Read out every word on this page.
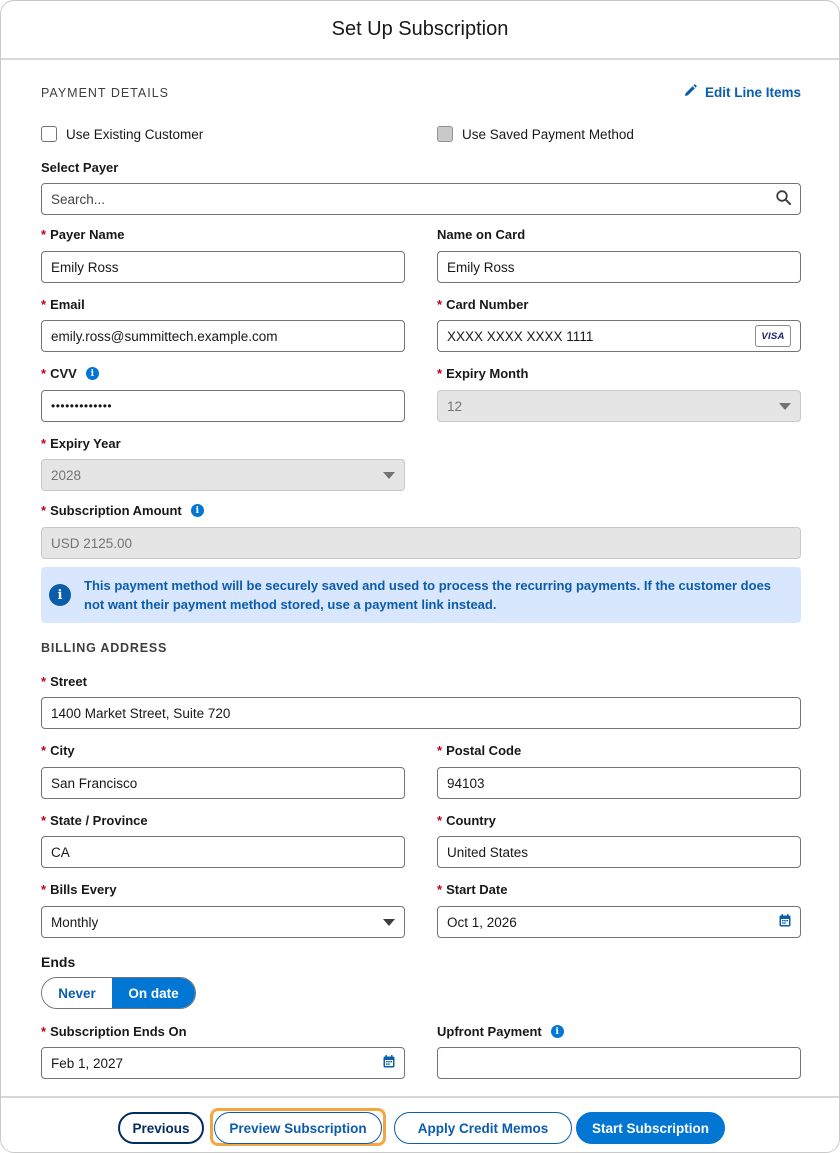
Set Up Subscription
PAYMENT DETAILS	Edit Line Items
Use Existing Customer	Use Saved Payment Method
Select Payer
Search...
* Payer Name
Emily Ross
Name on Card
Emily Ross
* Email
emily.ross@summittech.example.com
* Card Number
XXXX XXXX XXXX 1111	VISA
* CVV	i
•••••••••••••
* Expiry Month
12
* Expiry Year
2028
* Subscription Amount	i
USD 2125.00
i
This payment method will be securely saved and used to process the recurring payments. If the customer does not want their payment method stored, use a payment link instead.
BILLING ADDRESS
* Street
1400 Market Street, Suite 720
* City
San Francisco
* Postal Code
94103
* State / Province
CA
* Country
United States
* Bills Every
Monthly
* Start Date
Oct 1, 2026
Ends
Never	On date
* Subscription Ends On
Feb 1, 2027
Upfront Payment	i
Previous	Preview Subscription	Apply Credit Memos	Start Subscription
